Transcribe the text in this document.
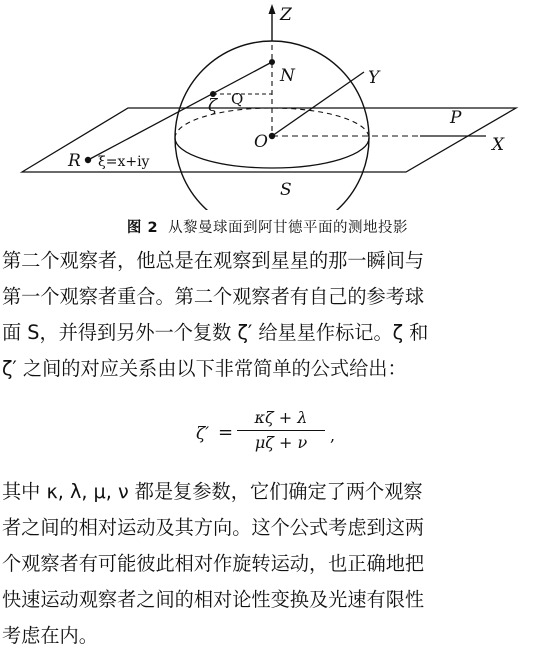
Z
N	Y
ζ Q
O
P
R ξ=x+iy
X
S
图 2 从黎曼球面到阿甘德平面的测地投影
第二个观察者，他总是在观察到星星的那一瞬间与
第一个观察者重合。第二个观察者有自己的参考球
面 S，并得到另外一个复数 ζ′ 给星星作标记。ζ 和
ζ′ 之间的对应关系由以下非常简单的公式给出：
ζ′ =
κζ + λ
μζ + ν	,
其中 κ, λ, μ, ν 都是复参数，它们确定了两个观察
者之间的相对运动及其方向。这个公式考虑到这两
个观察者有可能彼此相对作旋转运动，也正确地把
快速运动观察者之间的相对论性变换及光速有限性
考虑在内。
